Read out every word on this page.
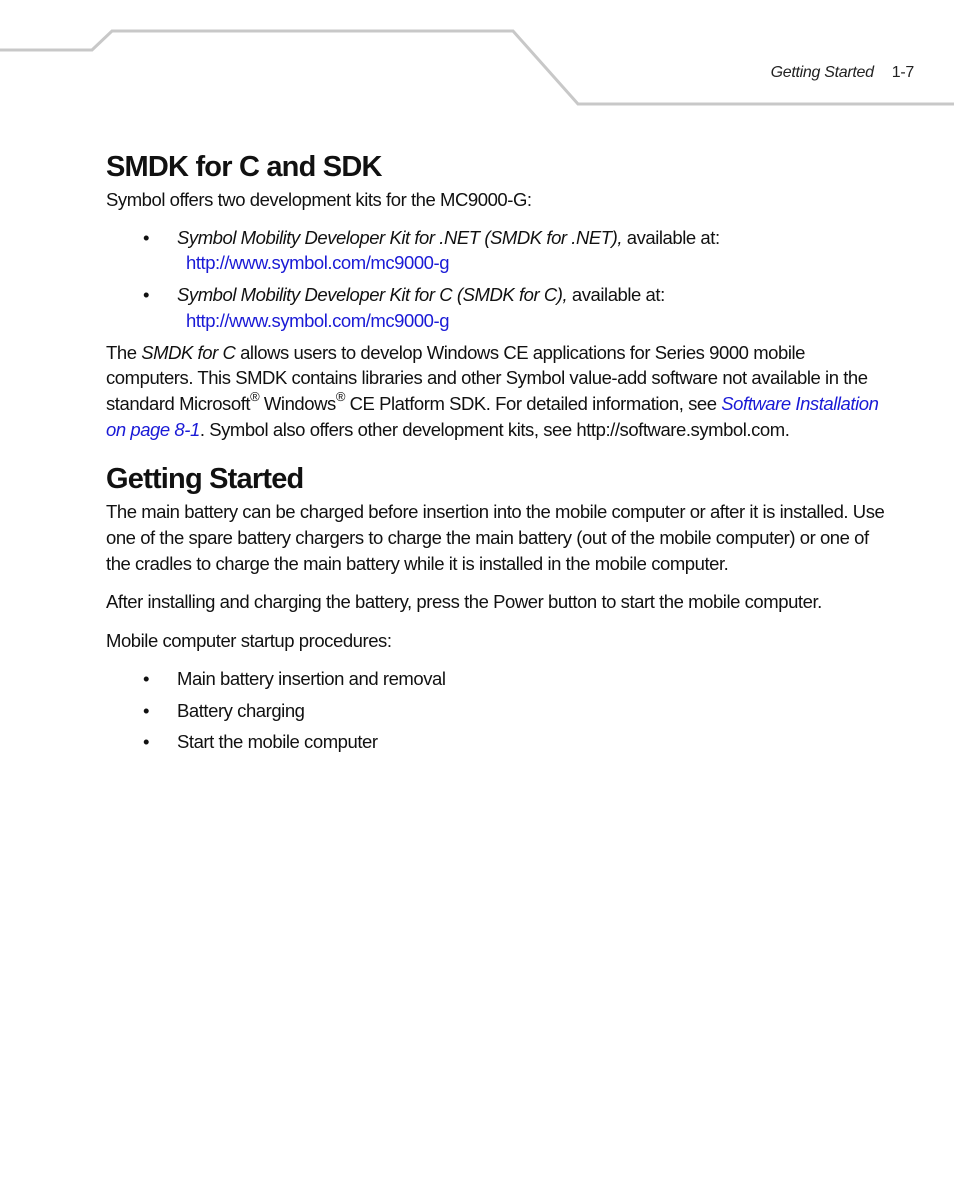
Getting Started 1-7
SMDK for C and SDK

Symbol offers two development kits for the MC9000-G:

• Symbol Mobility Developer Kit for .NET (SMDK for .NET), available at:
http://www.symbol.com/mc9000-g
• Symbol Mobility Developer Kit for C (SMDK for C), available at:
http://www.symbol.com/mc9000-g

The SMDK for C allows users to develop Windows CE applications for Series 9000 mobile computers. This SMDK contains libraries and other Symbol value-add software not available in the standard Microsoft® Windows® CE Platform SDK. For detailed information, see Software Installation on page 8-1. Symbol also offers other development kits, see http://software.symbol.com.

Getting Started

The main battery can be charged before insertion into the mobile computer or after it is installed. Use one of the spare battery chargers to charge the main battery (out of the mobile computer) or one of the cradles to charge the main battery while it is installed in the mobile computer.

After installing and charging the battery, press the Power button to start the mobile computer.

Mobile computer startup procedures:

• Main battery insertion and removal
• Battery charging
• Start the mobile computer
